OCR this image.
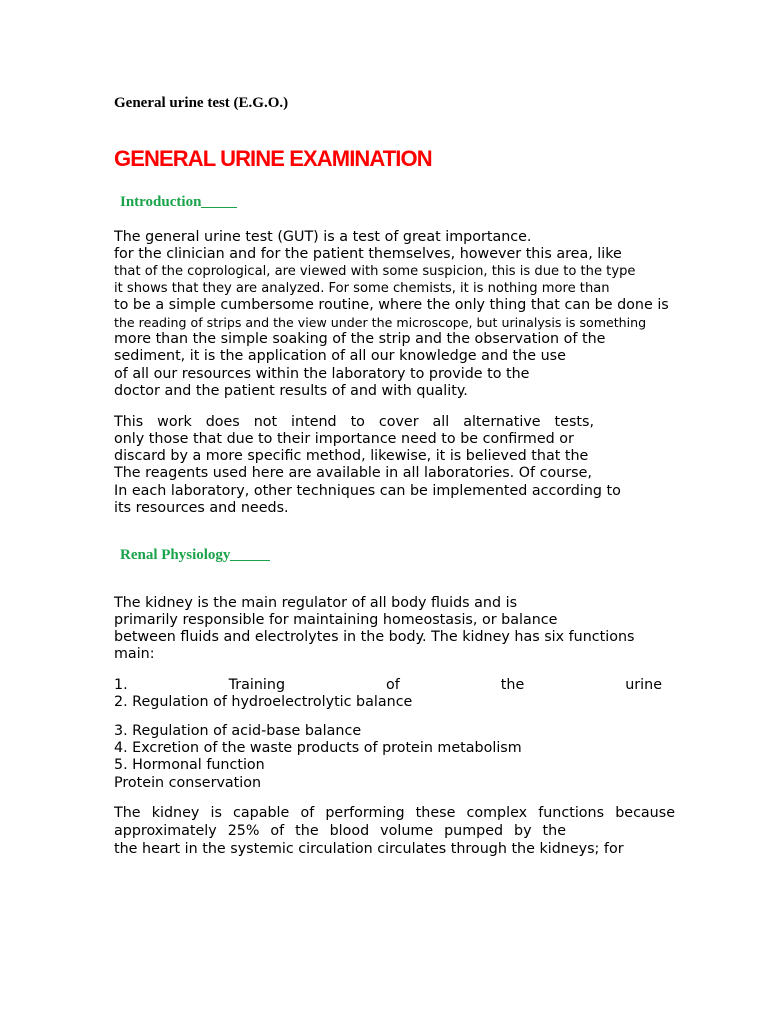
General urine test (E.G.O.)
GENERAL URINE EXAMINATION
Introduction
The general urine test (GUT) is a test of great importance.
for the clinician and for the patient themselves, however this area, like
that of the coprological, are viewed with some suspicion, this is due to the type
it shows that they are analyzed. For some chemists, it is nothing more than
to be a simple cumbersome routine, where the only thing that can be done is
the reading of strips and the view under the microscope, but urinalysis is something
more than the simple soaking of the strip and the observation of the
sediment, it is the application of all our knowledge and the use
of all our resources within the laboratory to provide to the
doctor and the patient results of and with quality.
This work does not intend to cover all alternative tests,
only those that due to their importance need to be confirmed or
discard by a more specific method, likewise, it is believed that the
The reagents used here are available in all laboratories. Of course,
In each laboratory, other techniques can be implemented according to
its resources and needs.
Renal Physiology
The kidney is the main regulator of all body fluids and is
primarily responsible for maintaining homeostasis, or balance
between fluids and electrolytes in the body. The kidney has six functions
main:
1. Training of the urine
2. Regulation of hydroelectrolytic balance
3. Regulation of acid-base balance
4. Excretion of the waste products of protein metabolism
5. Hormonal function
Protein conservation
The kidney is capable of performing these complex functions because
approximately 25% of the blood volume pumped by the
the heart in the systemic circulation circulates through the kidneys; for
